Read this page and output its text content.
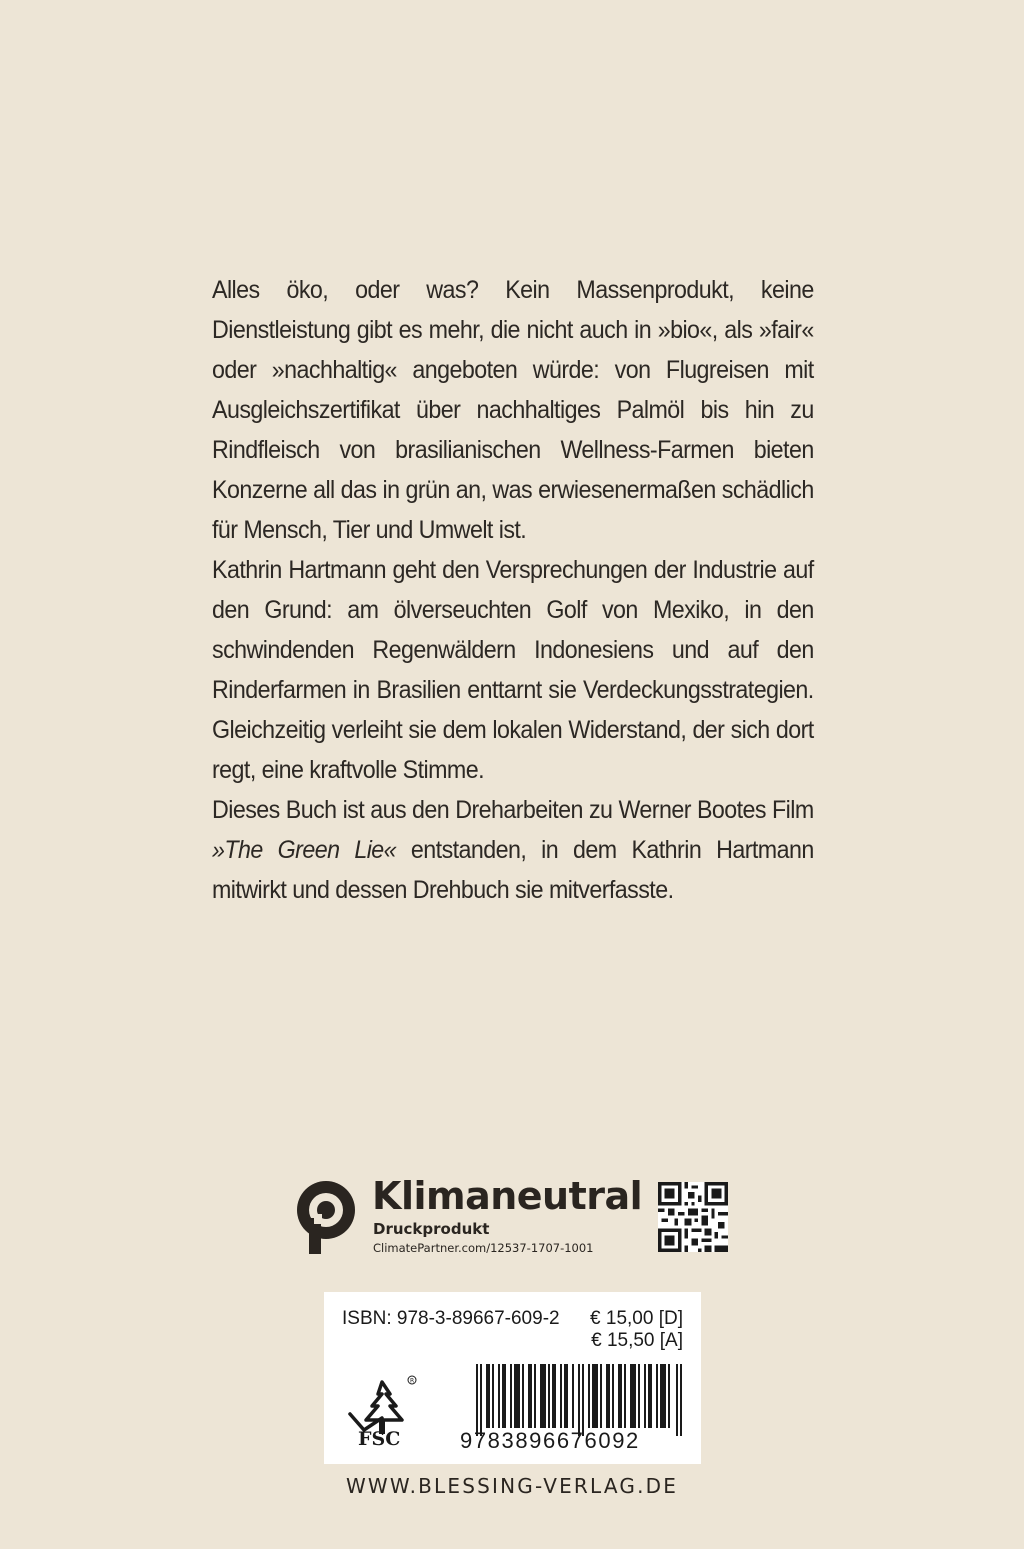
Alles öko, oder was? Kein Massenprodukt, keine Dienstleistung gibt es mehr, die nicht auch in »bio«, als »fair« oder »nachhaltig« angeboten würde: von Flugreisen mit Ausgleichszertifikat über nachhaltiges Palmöl bis hin zu Rindfleisch von brasilianischen Wellness-Farmen bieten Konzerne all das in grün an, was erwiesenermaßen schädlich für Mensch, Tier und Umwelt ist.

Kathrin Hartmann geht den Versprechungen der Industrie auf den Grund: am ölverseuchten Golf von Mexiko, in den schwindenden Regenwäldern Indonesiens und auf den Rinderfarmen in Brasilien enttarnt sie Verdeckungsstrategien. Gleichzeitig verleiht sie dem lokalen Widerstand, der sich dort regt, eine kraftvolle Stimme.

Dieses Buch ist aus den Dreharbeiten zu Werner Bootes Film »The Green Lie« entstanden, in dem Kathrin Hartmann mitwirkt und dessen Drehbuch sie mitverfasste.

Klimaneutral
Druckprodukt
ClimatePartner.com/12537-1707-1001
ISBN: 978-3-89667-609-2 € 15,00 [D]
€ 15,50 [A]
R
FSC	9783896676092
WWW.BLESSING-VERLAG.DE
